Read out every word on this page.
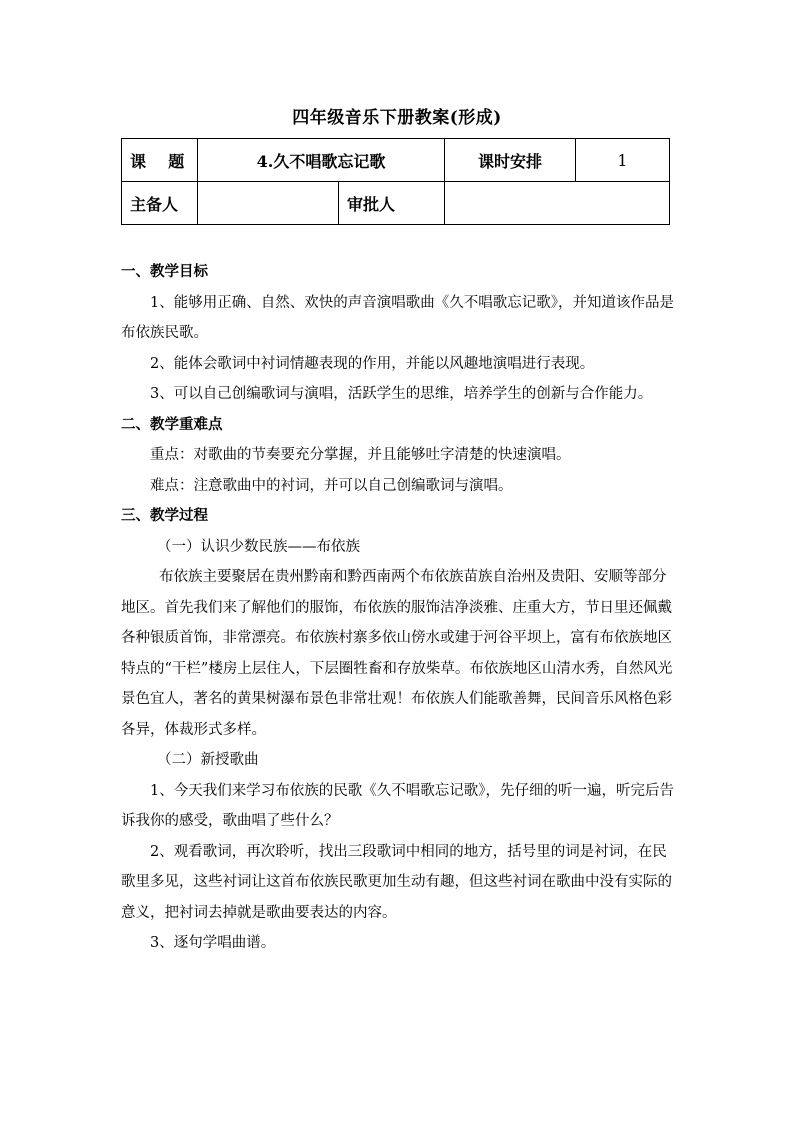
四年级音乐下册教案(形成)
课    题	4.久不唱歌忘记歌		课时安排	1
主备人		审批人		

一、教学目标

1、能够用正确、自然、欢快的声音演唱歌曲《久不唱歌忘记歌》，并知道该作品是布依族民歌。

2、能体会歌词中衬词情趣表现的作用，并能以风趣地演唱进行表现。

3、可以自己创编歌词与演唱，活跃学生的思维，培养学生的创新与合作能力。

二、教学重难点

重点：对歌曲的节奏要充分掌握，并且能够吐字清楚的快速演唱。

难点：注意歌曲中的衬词，并可以自己创编歌词与演唱。

三、教学过程

（一）认识少数民族——布依族

布依族主要聚居在贵州黔南和黔西南两个布依族苗族自治州及贵阳、安顺等部分地区。首先我们来了解他们的服饰，布依族的服饰洁净淡雅、庄重大方，节日里还佩戴各种银质首饰，非常漂亮。布依族村寨多依山傍水或建于河谷平坝上，富有布依族地区特点的“干栏”楼房上层住人，下层圈牲畜和存放柴草。布依族地区山清水秀，自然风光景色宜人，著名的黄果树瀑布景色非常壮观！布依族人们能歌善舞，民间音乐风格色彩各异，体裁形式多样。

（二）新授歌曲

1、今天我们来学习布依族的民歌《久不唱歌忘记歌》，先仔细的听一遍，听完后告诉我你的感受，歌曲唱了些什么？

2、观看歌词，再次聆听，找出三段歌词中相同的地方，括号里的词是衬词，在民歌里多见，这些衬词让这首布依族民歌更加生动有趣，但这些衬词在歌曲中没有实际的意义，把衬词去掉就是歌曲要表达的内容。

3、逐句学唱曲谱。
